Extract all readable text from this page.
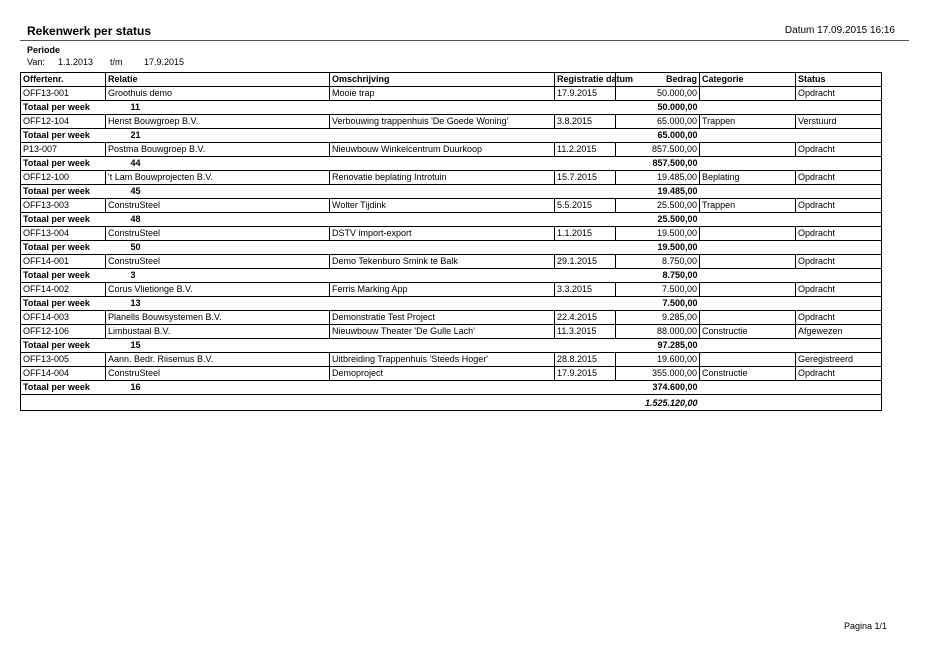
Rekenwerk per status	Datum 17.09.2015 16:16
Periode
Van: 1.1.2013 t/m 17.9.2015
Offertenr.	Relatie	Omschrijving	Registratie datum	Bedrag	Categorie	Status
OFF13-001	Groothuis demo	Mooie trap	17.9.2015	50.000,00		Opdracht
Totaal per week	11			50.000,00		
OFF12-104	Henst Bouwgroep B.V.	Verbouwing trappenhuis 'De Goede Woning'	3.8.2015	65.000,00	Trappen	Verstuurd
Totaal per week	21			65.000,00		
P13-007	Postma Bouwgroep B.V.	Nieuwbouw Winkelcentrum Duurkoop	11.2.2015	857.500,00		Opdracht
Totaal per week	44			857.500,00		
OFF12-100	't Lam Bouwprojecten B.V.	Renovatie beplating Introtuin	15.7.2015	19.485,00	Beplating	Opdracht
Totaal per week	45			19.485,00		
OFF13-003	ConstruSteel	Wolter Tijdink	5.5.2015	25.500,00	Trappen	Opdracht
Totaal per week	48			25.500,00		
OFF13-004	ConstruSteel	DSTV import-export	1.1.2015	19.500,00		Opdracht
Totaal per week	50			19.500,00		
OFF14-001	ConstruSteel	Demo Tekenburo Smink te Balk	29.1.2015	8.750,00		Opdracht
Totaal per week	3			8.750,00		
OFF14-002	Corus Vlietionge B.V.	Ferris Marking App	3.3.2015	7.500,00		Opdracht
Totaal per week	13			7.500,00		
OFF14-003	Planells Bouwsystemen B.V.	Demonstratie Test Project	22.4.2015	9.285,00		Opdracht
OFF12-106	Limbustaal B.V.	Nieuwbouw Theater 'De Gulle Lach'	11.3.2015	88.000,00	Constructie	Afgewezen
Totaal per week	15			97.285,00		
OFF13-005	Aann. Bedr. Riisemus B.V.	Uitbreiding Trappenhuis 'Steeds Hoger'	28.8.2015	19.600,00		Geregistreerd
OFF14-004	ConstruSteel	Demoproject	17.9.2015	355.000,00	Constructie	Opdracht
Totaal per week	16			374.600,00		
				1.525.120,00		
Pagina 1/1
